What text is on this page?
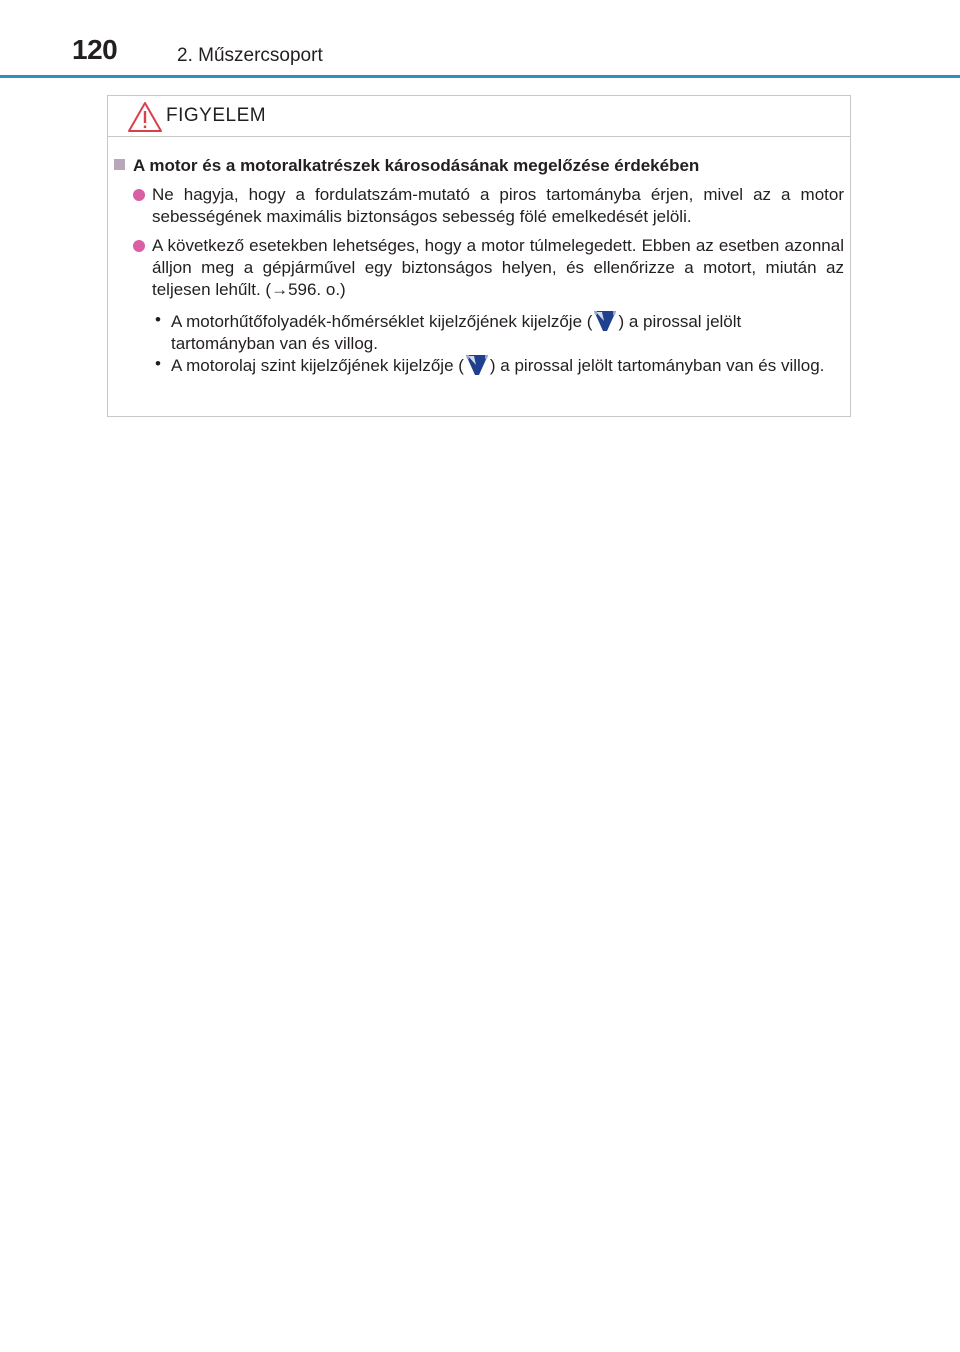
120	2. Műszercsoport
FIGYELEM
A motor és a motoralkatrészek károsodásának megelőzése érdekében
Ne hagyja, hogy a fordulatszám-mutató a piros tartományba érjen, mivel az a motor sebességének maximális biztonságos sebesség fölé emelkedését jelöli.
A következő esetekben lehetséges, hogy a motor túlmelegedett. Ebben az esetben azonnal álljon meg a gépjárművel egy biztonságos helyen, és ellenőrizze a motort, miután az teljesen lehűlt. (→596. o.)
• A motorhűtőfolyadék-hőmérséklet kijelzőjének kijelzője ( ) a pirossal jelölt tartományban van és villog.
• A motorolaj szint kijelzőjének kijelzője ( ) a pirossal jelölt tartományban van és villog.
